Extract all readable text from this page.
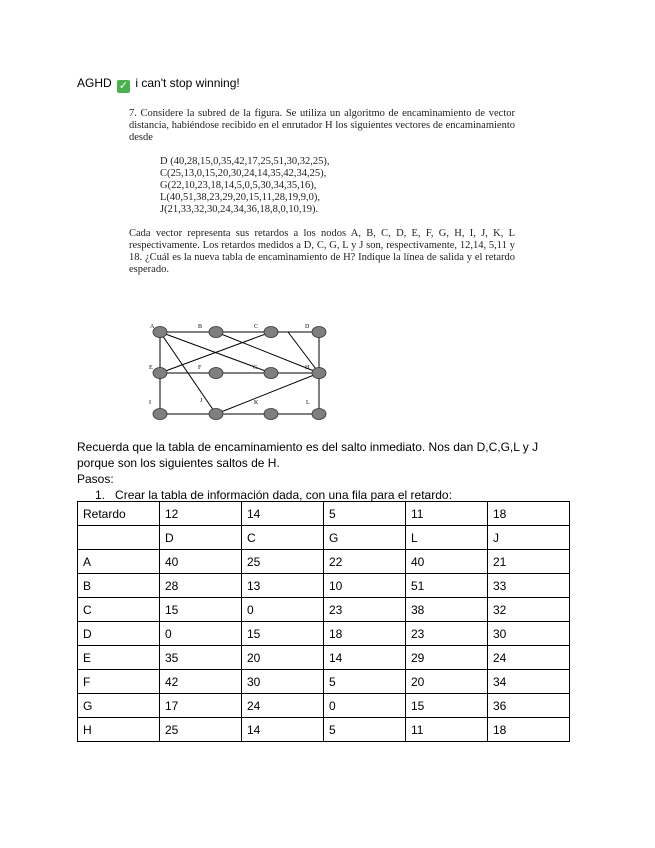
AGHD ✓ i can't stop winning!

7. Considere la subred de la figura. Se utiliza un algoritmo de encaminamiento de vector distancia, habiéndose recibido en el enrutador H los siguientes vectores de encaminamiento desde

D (40,28,15,0,35,42,17,25,51,30,32,25),
C(25,13,0,15,20,30,24,14,35,42,34,25),
G(22,10,23,18,14,5,0,5,30,34,35,16),
L(40,51,38,23,29,20,15,11,28,19,9,0),
J(21,33,32,30,24,34,36,18,8,0,10,19).

Cada vector representa sus retardos a los nodos A, B, C, D, E, F, G, H, I, J, K, L respectivamente. Los retardos medidos a D, C, G, L y J son, respectivamente, 12,14, 5,11 y 18. ¿Cuál es la nueva tabla de encaminamiento de H? Indique la línea de salida y el retardo esperado.

A	B	C	D
E	F	G	H
I	J	K	L

Recuerda que la tabla de encaminamiento es del salto inmediato. Nos dan D,C,G,L y J porque son los siguientes saltos de H.

Pasos:

1. Crear la tabla de información dada, con una fila para el retardo:

Retardo	12	14	5	11	18
	D	C	G	L	J
A	40	25	22	40	21
B	28	13	10	51	33
C	15	0	23	38	32
D	0	15	18	23	30
E	35	20	14	29	24
F	42	30	5	20	34
G	17	24	0	15	36
H	25	14	5	11	18
